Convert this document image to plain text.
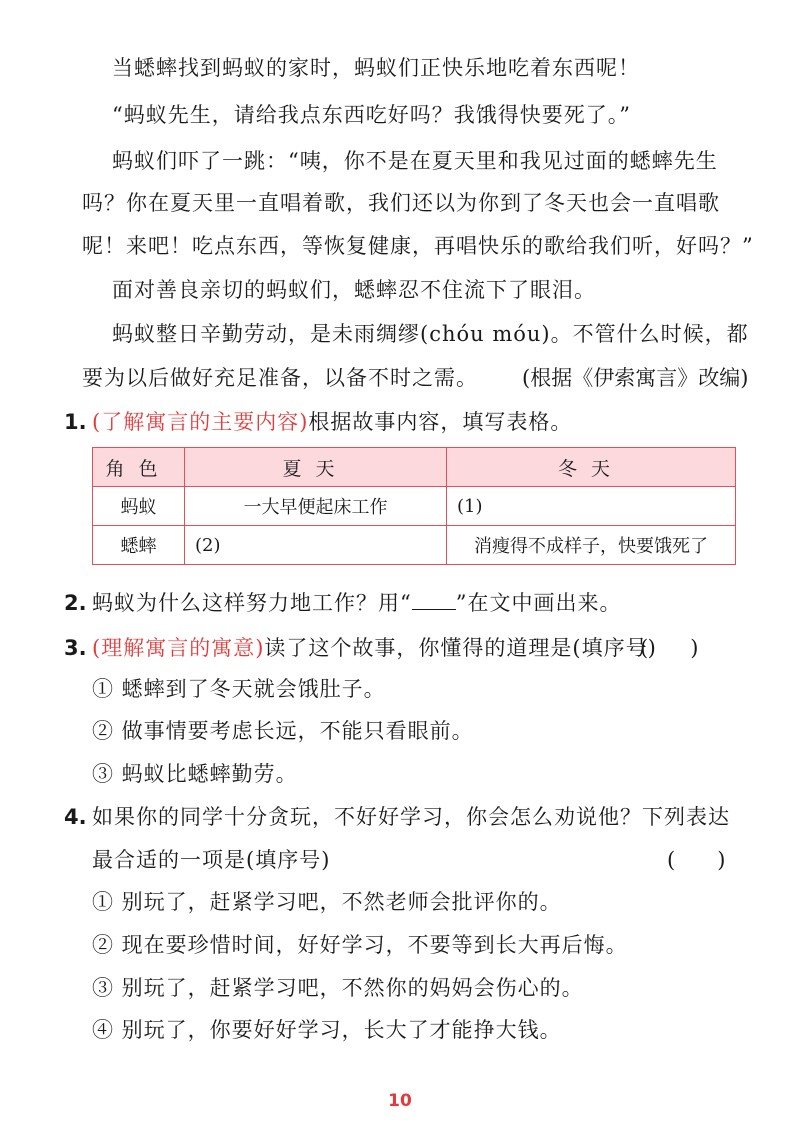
当蟋蟀找到蚂蚁的家时，蚂蚁们正快乐地吃着东西呢！
“蚂蚁先生，请给我点东西吃好吗？我饿得快要死了。”
蚂蚁们吓了一跳：“咦，你不是在夏天里和我见过面的蟋蟀先生
吗？你在夏天里一直唱着歌，我们还以为你到了冬天也会一直唱歌
呢！来吧！吃点东西，等恢复健康，再唱快乐的歌给我们听，好吗？”
面对善良亲切的蚂蚁们，蟋蟀忍不住流下了眼泪。
蚂蚁整日辛勤劳动，是未雨绸缪(chóu móu)。不管什么时候，都
要为以后做好充足准备，以备不时之需。 (根据《伊索寓言》改编)
1. (了解寓言的主要内容)根据故事内容，填写表格。
角色	夏天	冬天
蚂蚁	一大早便起床工作	(1)
蟋蟀	(2)	消瘦得不成样子，快要饿死了
2. 蚂蚁为什么这样努力地工作？用“ ”在文中画出来。
3. (理解寓言的寓意)读了这个故事，你懂得的道理是(填序号)
(　　)
① 蟋蟀到了冬天就会饿肚子。
② 做事情要考虑长远，不能只看眼前。
③ 蚂蚁比蟋蟀勤劳。
4. 如果你的同学十分贪玩，不好好学习，你会怎么劝说他？下列表达
最合适的一项是(填序号)	(　　)
① 别玩了，赶紧学习吧，不然老师会批评你的。
② 现在要珍惜时间，好好学习，不要等到长大再后悔。
③ 别玩了，赶紧学习吧，不然你的妈妈会伤心的。
④ 别玩了，你要好好学习，长大了才能挣大钱。
10
